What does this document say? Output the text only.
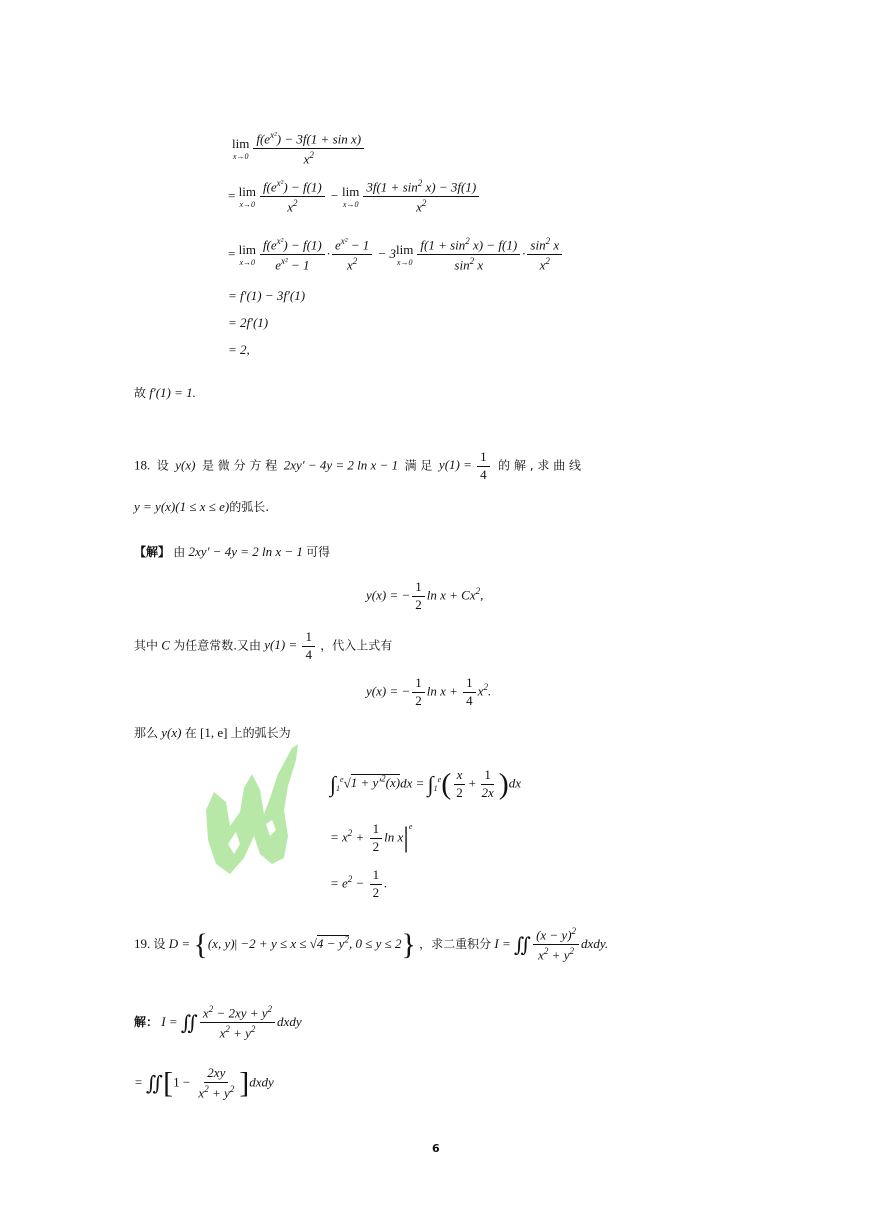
lim
$x\to 0 \frac{f(e^{x^2}) - 3f(1 + \sin x)}{x^2}$
= lim
$x\to 0 \frac{f(e^{x^2}) - f(1)}{x^2} - \lim$
$x\to 0 \frac{3f(1 + \sin^2 x) - 3f(1)}{x^2}$
= lim
$x\to 0 \frac{f(e^{x^2}) - f(1)}{e^{x^2} - 1} \cdot \frac{e^{x^2} - 1}{x^2} - 3$ lim
$x\to 0 \frac{f(1 + \sin^2 x) - f(1)}{\sin^2 x} \cdot \frac{\sin^2 x}{x^2}$
= f′(1) − 3f′(1)
= 2f′(1)
= 2,
故 f′(1) = 1.
18. 设  y(x)  是 微 分 方 程  2xy′ − 4y = 2 ln x − 1  满 足  $y(1) = \frac{1}{4}$ 的 解 , 求 曲 线
y = y(x)(1 ≤ x ≤ e)的弧长.
【解】 由 2xy′ − 4y = 2 ln x − 1 可得
y(x) = − $\frac{1}{2}$ $\ln x + Cx^2$,
其中 C 为任意常数.又由 $y(1) = \frac{1}{4}$ ，代入上式有
y(x) = − $\frac{1}{2}$ $\ln x + \frac{1}{4} x^2$.
那么 y(x) 在 [1, e] 上的弧长为
$\int_1^e√1 + y'^2(x)dx = \int_1^e( \frac{x}{2} + \frac{1}{2x} )dx$
= $x^2 + \frac{1}{2}$ $\ln x|^e$
= $e^2 - \frac{1}{2}$ .
19. 设 D = {(x, $y)| -2 + y \le x \le √4 - y^2$, 0 ≤ y ≤ 2} ，求二重积分 I = ∬ $\frac{(x - y)^2}{x^2 + y^2}$ dxdy.
解： I = ∬ $\frac{x^2 - 2xy + y^2}{x^2 + y^2}$ dxdy
= ∬[1 − $\frac{2xy}{x^2 + y^2}$ ]dxdy
6
